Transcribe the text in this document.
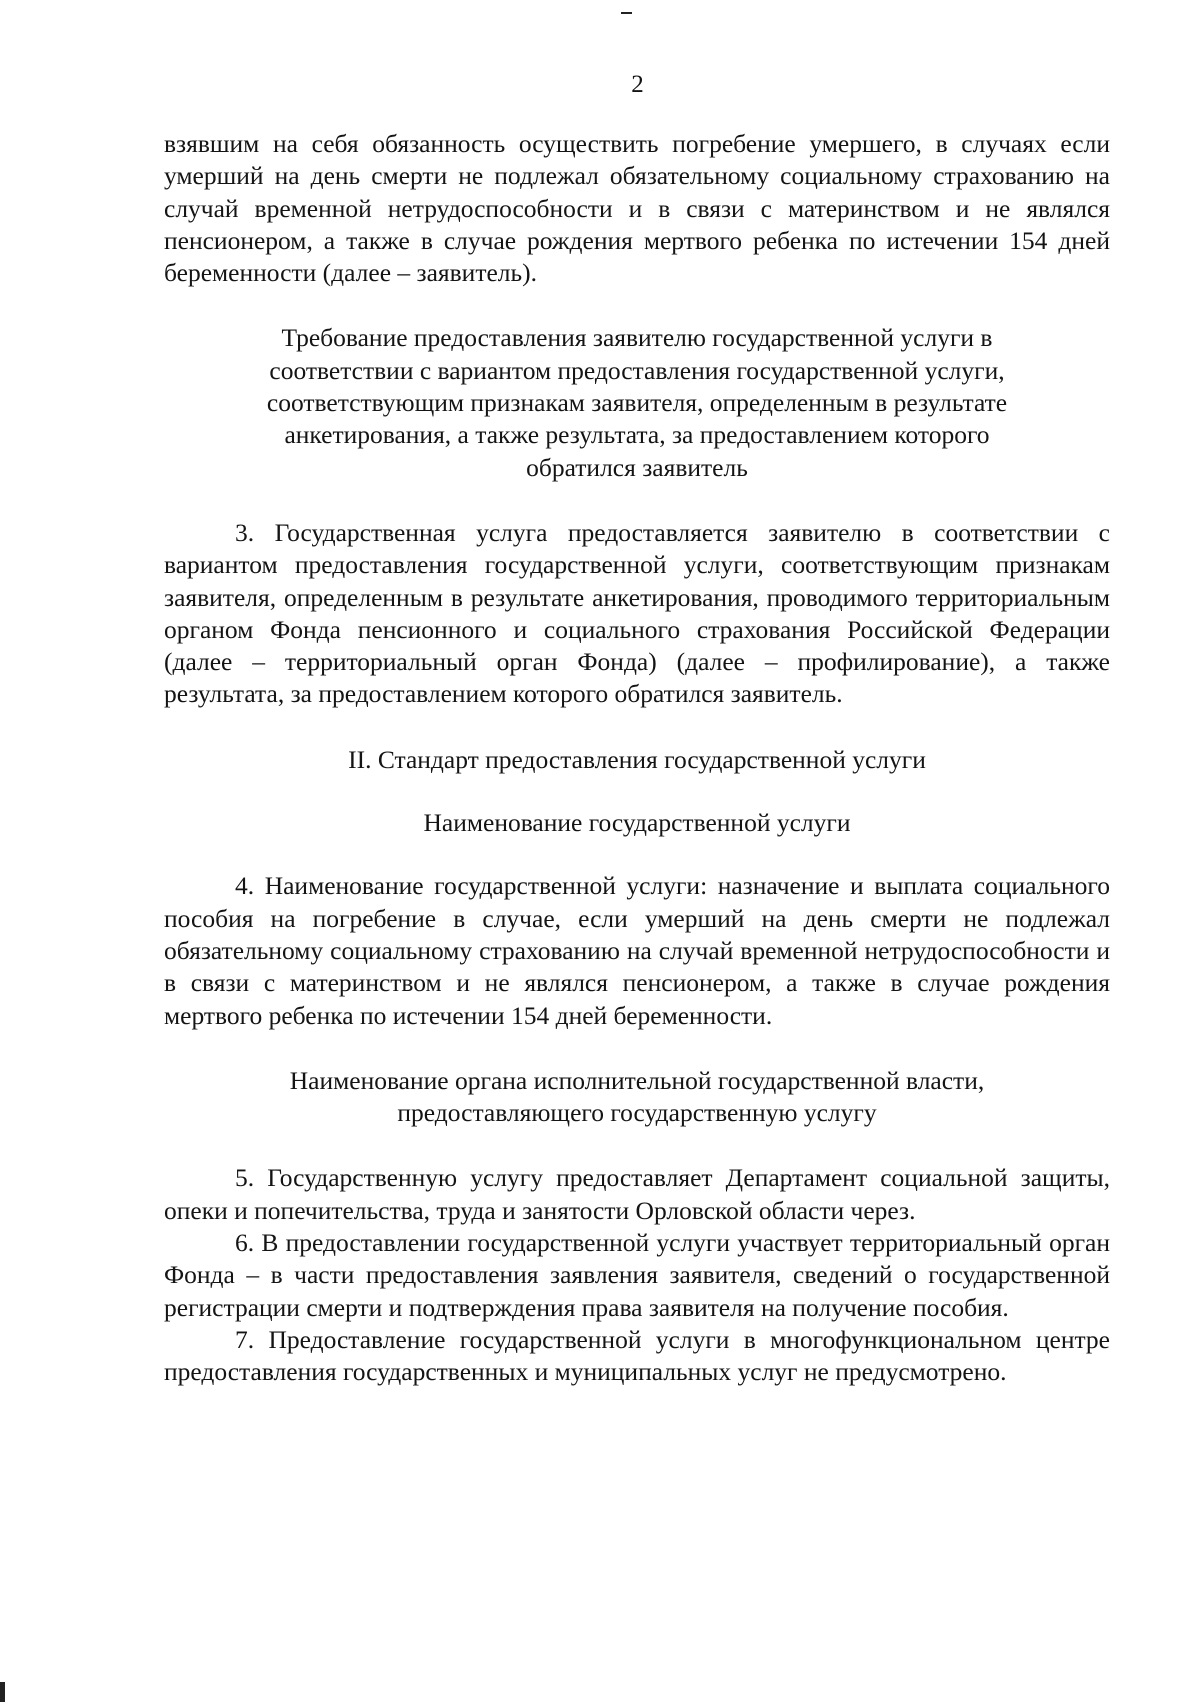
2

взявшим на себя обязанность осуществить погребение умершего, в случаях если умерший на день смерти не подлежал обязательному социальному страхованию на случай временной нетрудоспособности и в связи с материнством и не являлся пенсионером, а также в случае рождения мертвого ребенка по истечении 154 дней беременности (далее – заявитель).

Требование предоставления заявителю государственной услуги в соответствии с вариантом предоставления государственной услуги, соответствующим признакам заявителя, определенным в результате анкетирования, а также результата, за предоставлением которого обратился заявитель

3. Государственная услуга предоставляется заявителю в соответствии с вариантом предоставления государственной услуги, соответствующим признакам заявителя, определенным в результате анкетирования, проводимого территориальным органом Фонда пенсионного и социального страхования Российской Федерации (далее – территориальный орган Фонда) (далее – профилирование), а также результата, за предоставлением которого обратился заявитель.

II. Стандарт предоставления государственной услуги

Наименование государственной услуги

4. Наименование государственной услуги: назначение и выплата социального пособия на погребение в случае, если умерший на день смерти не подлежал обязательному социальному страхованию на случай временной нетрудоспособности и в связи с материнством и не являлся пенсионером, а также в случае рождения мертвого ребенка по истечении 154 дней беременности.

Наименование органа исполнительной государственной власти, предоставляющего государственную услугу

5. Государственную услугу предоставляет Департамент социальной защиты, опеки и попечительства, труда и занятости Орловской области через.

6. В предоставлении государственной услуги участвует территориальный орган Фонда – в части предоставления заявления заявителя, сведений о государственной регистрации смерти и подтверждения права заявителя на получение пособия.

7. Предоставление государственной услуги в многофункциональном центре предоставления государственных и муниципальных услуг не предусмотрено.
